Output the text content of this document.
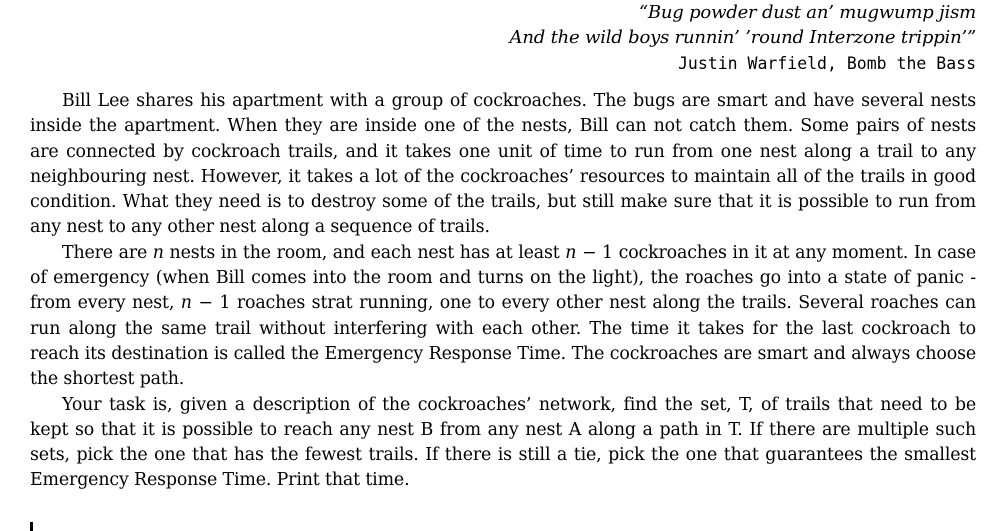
“Bug powder dust an’ mugwump jism
And the wild boys runnin’ ’round Interzone trippin’”
Justin Warfield, Bomb the Bass

Bill Lee shares his apartment with a group of cockroaches. The bugs are smart and have several nests inside the apartment. When they are inside one of the nests, Bill can not catch them. Some pairs of nests are connected by cockroach trails, and it takes one unit of time to run from one nest along a trail to any neighbouring nest. However, it takes a lot of the cockroaches’ resources to maintain all of the trails in good condition. What they need is to destroy some of the trails, but still make sure that it is possible to run from any nest to any other nest along a sequence of trails.

There are n nests in the room, and each nest has at least n − 1 cockroaches in it at any moment. In case of emergency (when Bill comes into the room and turns on the light), the roaches go into a state of panic - from every nest, n − 1 roaches strat running, one to every other nest along the trails. Several roaches can run along the same trail without interfering with each other. The time it takes for the last cockroach to reach its destination is called the Emergency Response Time. The cockroaches are smart and always choose the shortest path.

Your task is, given a description of the cockroaches’ network, find the set, T, of trails that need to be kept so that it is possible to reach any nest B from any nest A along a path in T. If there are multiple such sets, pick the one that has the fewest trails. If there is still a tie, pick the one that guarantees the smallest Emergency Response Time. Print that time.
